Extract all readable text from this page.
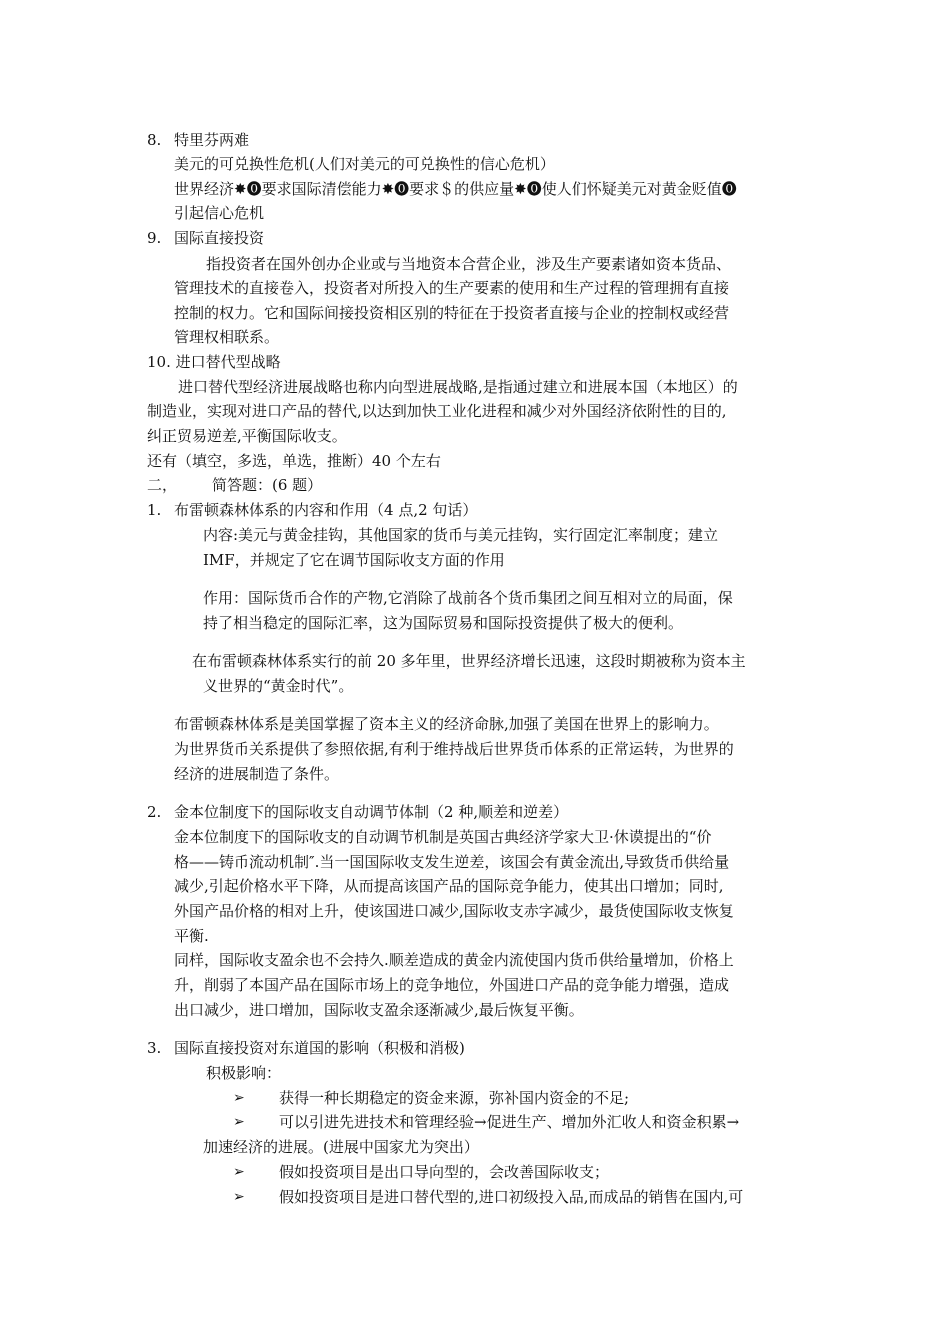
8. 特里芬两难
美元的可兑换性危机(人们对美元的可兑换性的信心危机）
世界经济✸⓿要求国际清偿能力✸⓿要求＄的供应量✸⓿使人们怀疑美元对黄金贬值⓿
引起信心危机
9. 国际直接投资
指投资者在国外创办企业或与当地资本合营企业，涉及生产要素诸如资本货品、
管理技术的直接卷入，投资者对所投入的生产要素的使用和生产过程的管理拥有直接
控制的权力。它和国际间接投资相区别的特征在于投资者直接与企业的控制权或经营
管理权相联系。
10. 进口替代型战略
进口替代型经济进展战略也称内向型进展战略,是指通过建立和进展本国（本地区）的
制造业，实现对进口产品的替代,以达到加快工业化进程和减少对外国经济依附性的目的,
纠正贸易逆差,平衡国际收支。
还有（填空，多选，单选，推断）40 个左右
二， 简答题：(6 题）
1. 布雷顿森林体系的内容和作用（4 点,2 句话）
内容:美元与黄金挂钩，其他国家的货币与美元挂钩，实行固定汇率制度；建立
IMF，并规定了它在调节国际收支方面的作用
作用：国际货币合作的产物,它消除了战前各个货币集团之间互相对立的局面，保
持了相当稳定的国际汇率，这为国际贸易和国际投资提供了极大的便利。
在布雷顿森林体系实行的前 20 多年里，世界经济增长迅速，这段时期被称为资本主
义世界的“黄金时代”。
布雷顿森林体系是美国掌握了资本主义的经济命脉,加强了美国在世界上的影响力。
为世界货币关系提供了参照依据,有利于维持战后世界货币体系的正常运转，为世界的
经济的进展制造了条件。
2. 金本位制度下的国际收支自动调节体制（2 种,顺差和逆差）
金本位制度下的国际收支的自动调节机制是英国古典经济学家大卫·休谟提出的“价
格——铸币流动机制″.当一国国际收支发生逆差，该国会有黄金流出,导致货币供给量
减少,引起价格水平下降，从而提高该国产品的国际竞争能力，使其出口增加；同时,
外国产品价格的相对上升，使该国进口减少,国际收支赤字减少，最货使国际收支恢复
平衡.
同样，国际收支盈余也不会持久.顺差造成的黄金内流使国内货币供给量增加，价格上
升，削弱了本国产品在国际市场上的竞争地位，外国进口产品的竞争能力增强，造成
出口减少，进口增加，国际收支盈余逐渐减少,最后恢复平衡。
3. 国际直接投资对东道国的影响（积极和消极)
积极影响：
➢ 获得一种长期稳定的资金来源，弥补国内资金的不足;
➢ 可以引进先进技术和管理经验→促进生产、增加外汇收人和资金积累→
加速经济的进展。(进展中国家尤为突出）
➢ 假如投资项目是出口导向型的，会改善国际收支；
➢ 假如投资项目是进口替代型的,进口初级投入品,而成品的销售在国内,可
